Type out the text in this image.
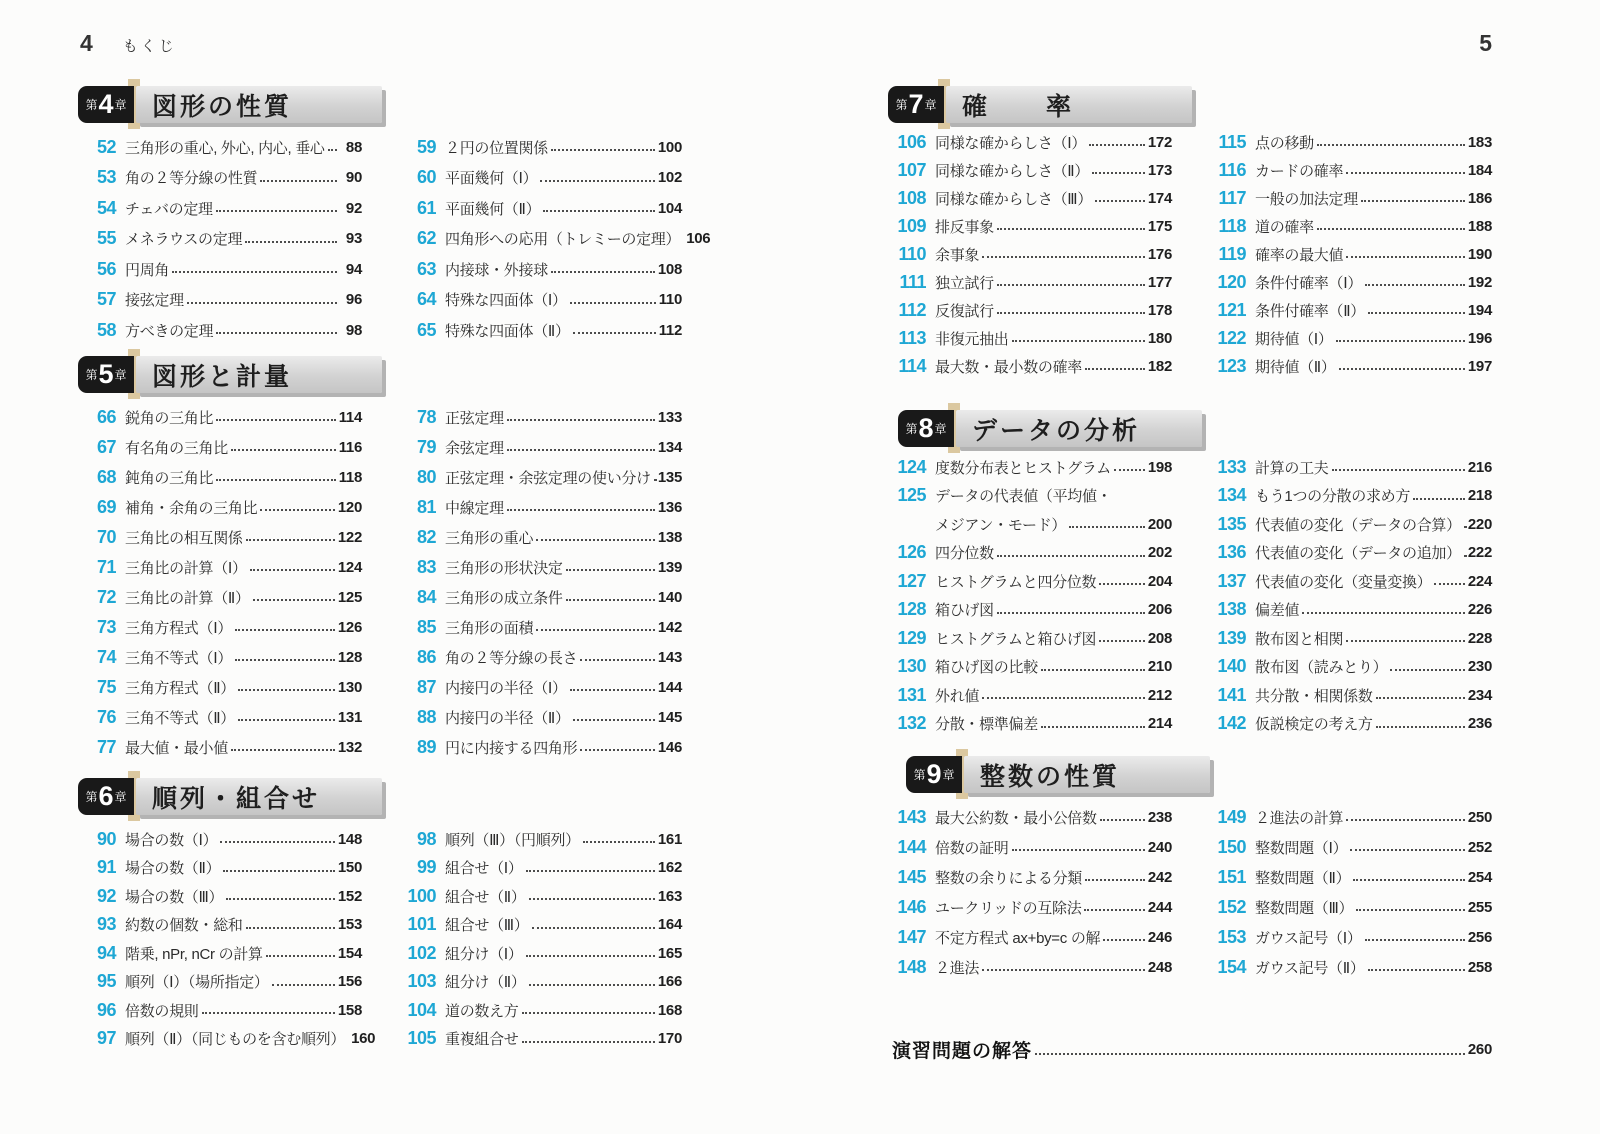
4 もくじ	5
第 4 章	図形の性質
52 三角形の重心, 外心, 内心, 垂心	88
53 角の２等分線の性質	90
54 チェバの定理	92
55 メネラウスの定理	93
56 円周角	94
57 接弦定理	96
58 方べきの定理	98
59 ２円の位置関係	100
60 平面幾何（Ⅰ）	102
61 平面幾何（Ⅱ）	104
62 四角形への応用（トレミーの定理） 106
63 内接球・外接球	108
64 特殊な四面体（Ⅰ）	110
65 特殊な四面体（Ⅱ）	112
第 5 章	図形と計量
66 鋭角の三角比	114
67 有名角の三角比	116
68 鈍角の三角比	118
69 補角・余角の三角比	120
70 三角比の相互関係	122
71 三角比の計算（Ⅰ）	124
72 三角比の計算（Ⅱ）	125
73 三角方程式（Ⅰ）	126
74 三角不等式（Ⅰ）	128
75 三角方程式（Ⅱ）	130
76 三角不等式（Ⅱ）	131
77 最大値・最小値	132
78 正弦定理	133
79 余弦定理	134
80 正弦定理・余弦定理の使い分け 135
81 中線定理	136
82 三角形の重心	138
83 三角形の形状決定	139
84 三角形の成立条件	140
85 三角形の面積	142
86 角の２等分線の長さ	143
87 内接円の半径（Ⅰ）	144
88 内接円の半径（Ⅱ）	145
89 円に内接する四角形	146
第 6 章	順列・組合せ
90 場合の数（Ⅰ）	148
91 場合の数（Ⅱ）	150
92 場合の数（Ⅲ）	152
93 約数の個数・総和	153
94 階乗, nPr, nCr の計算	154
95 順列（Ⅰ）（場所指定）	156
96 倍数の規則	158
97 順列（Ⅱ）（同じものを含む順列） 160
98 順列（Ⅲ）（円順列）	161
99 組合せ（Ⅰ）	162
100 組合せ（Ⅱ）	163
101 組合せ（Ⅲ）	164
102 組分け（Ⅰ）	165
103 組分け（Ⅱ）	166
104 道の数え方	168
105 重複組合せ	170
第 7 章	確　　率
106 同様な確からしさ（Ⅰ）	172
107 同様な確からしさ（Ⅱ）	173
108 同様な確からしさ（Ⅲ）	174
109 排反事象	175
110 余事象	176
111 独立試行	177
112 反復試行	178
113 非復元抽出	180
114 最大数・最小数の確率	182
115 点の移動	183
116 カードの確率	184
117 一般の加法定理	186
118 道の確率	188
119 確率の最大値	190
120 条件付確率（Ⅰ）	192
121 条件付確率（Ⅱ）	194
122 期待値（Ⅰ）	196
123 期待値（Ⅱ）	197
第 8 章	データの分析
124 度数分布表とヒストグラム 198
125 データの代表値（平均値・
メジアン・モード）	200
126 四分位数	202
127 ヒストグラムと四分位数	204
128 箱ひげ図	206
129 ヒストグラムと箱ひげ図	208
130 箱ひげ図の比較	210
131 外れ値	212
132 分散・標準偏差	214
133 計算の工夫	216
134 もう1つの分散の求め方	218
135 代表値の変化（データの合算） 220
136 代表値の変化（データの追加） 222
137 代表値の変化（変量変換） 224
138 偏差値	226
139 散布図と相関	228
140 散布図（読みとり）	230
141 共分散・相関係数	234
142 仮説検定の考え方	236
第 9 章	整数の性質
143 最大公約数・最小公倍数	238
144 倍数の証明	240
145 整数の余りによる分類	242
146 ユークリッドの互除法	244
147 不定方程式 ax+by=c の解	246
148 ２進法	248
149 ２進法の計算	250
150 整数問題（Ⅰ）	252
151 整数問題（Ⅱ）	254
152 整数問題（Ⅲ）	255
153 ガウス記号（Ⅰ）	256
154 ガウス記号（Ⅱ）	258
演習問題の解答	260
